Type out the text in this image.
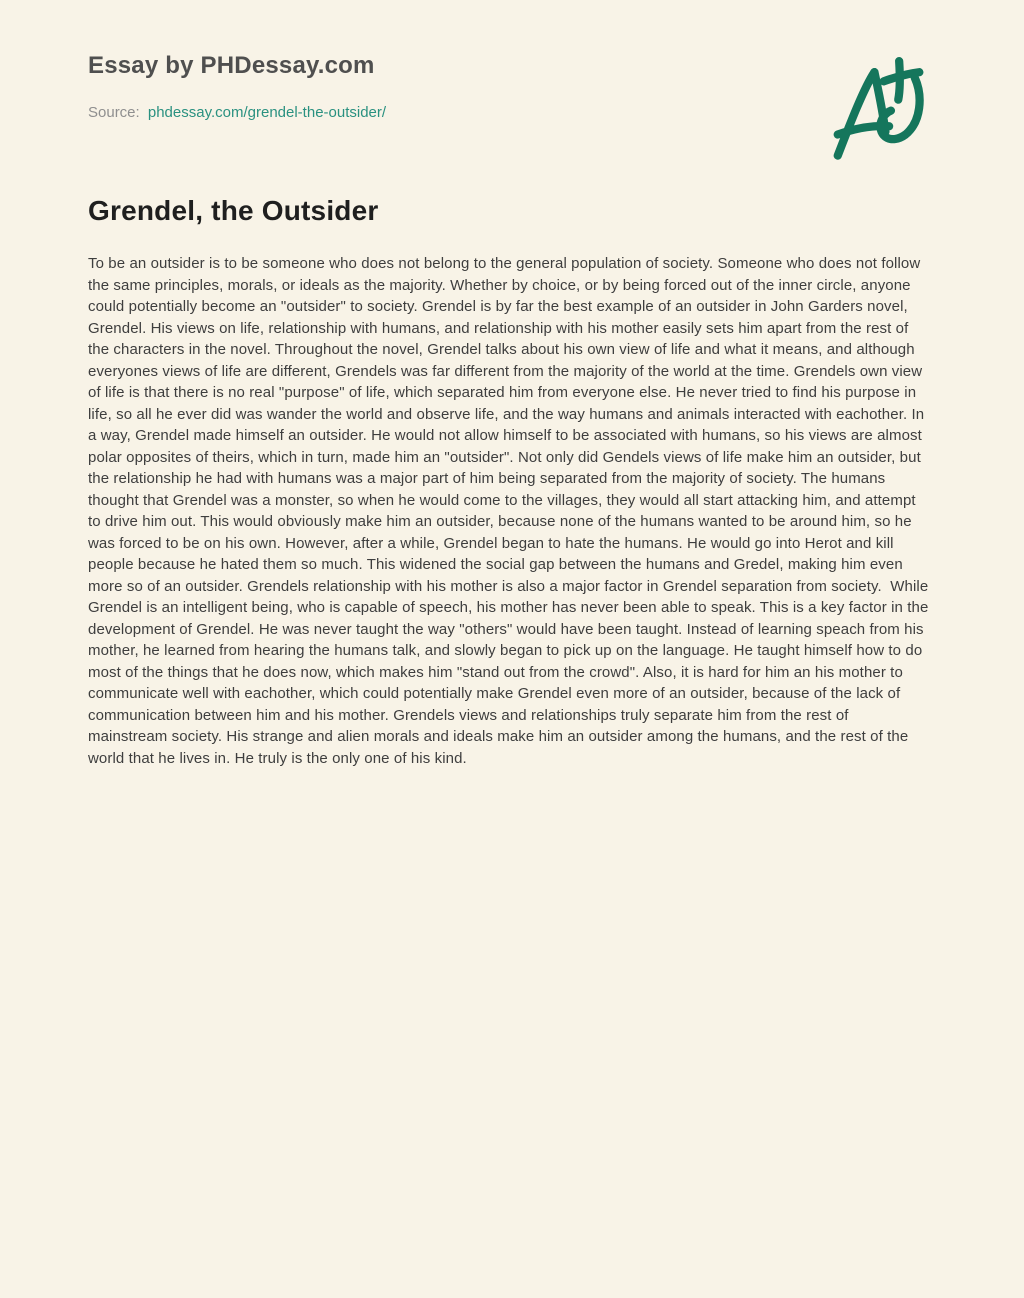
Essay by PHDessay.com
Source: phdessay.com/grendel-the-outsider/
Grendel, the Outsider

To be an outsider is to be someone who does not belong to the general population of society. Someone who does not follow the same principles, morals, or ideals as the majority. Whether by choice, or by being forced out of the inner circle, anyone could potentially become an "outsider" to society. Grendel is by far the best example of an outsider in John Garders novel, Grendel. His views on life, relationship with humans, and relationship with his mother easily sets him apart from the rest of the characters in the novel. Throughout the novel, Grendel talks about his own view of life and what it means, and although everyones views of life are different, Grendels was far different from the majority of the world at the time. Grendels own view of life is that there is no real "purpose" of life, which separated him from everyone else. He never tried to find his purpose in life, so all he ever did was wander the world and observe life, and the way humans and animals interacted with eachother. In a way, Grendel made himself an outsider. He would not allow himself to be associated with humans, so his views are almost polar opposites of theirs, which in turn, made him an "outsider". Not only did Gendels views of life make him an outsider, but the relationship he had with humans was a major part of him being separated from the majority of society. The humans thought that Grendel was a monster, so when he would come to the villages, they would all start attacking him, and attempt to drive him out. This would obviously make him an outsider, because none of the humans wanted to be around him, so he was forced to be on his own. However, after a while, Grendel began to hate the humans. He would go into Herot and kill people because he hated them so much. This widened the social gap between the humans and Gredel, making him even more so of an outsider. Grendels relationship with his mother is also a major factor in Grendel separation from society.  While Grendel is an intelligent being, who is capable of speech, his mother has never been able to speak. This is a key factor in the development of Grendel. He was never taught the way "others" would have been taught. Instead of learning speach from his mother, he learned from hearing the humans talk, and slowly began to pick up on the language. He taught himself how to do most of the things that he does now, which makes him "stand out from the crowd". Also, it is hard for him an his mother to communicate well with eachother, which could potentially make Grendel even more of an outsider, because of the lack of communication between him and his mother. Grendels views and relationships truly separate him from the rest of mainstream society. His strange and alien morals and ideals make him an outsider among the humans, and the rest of the world that he lives in. He truly is the only one of his kind.
